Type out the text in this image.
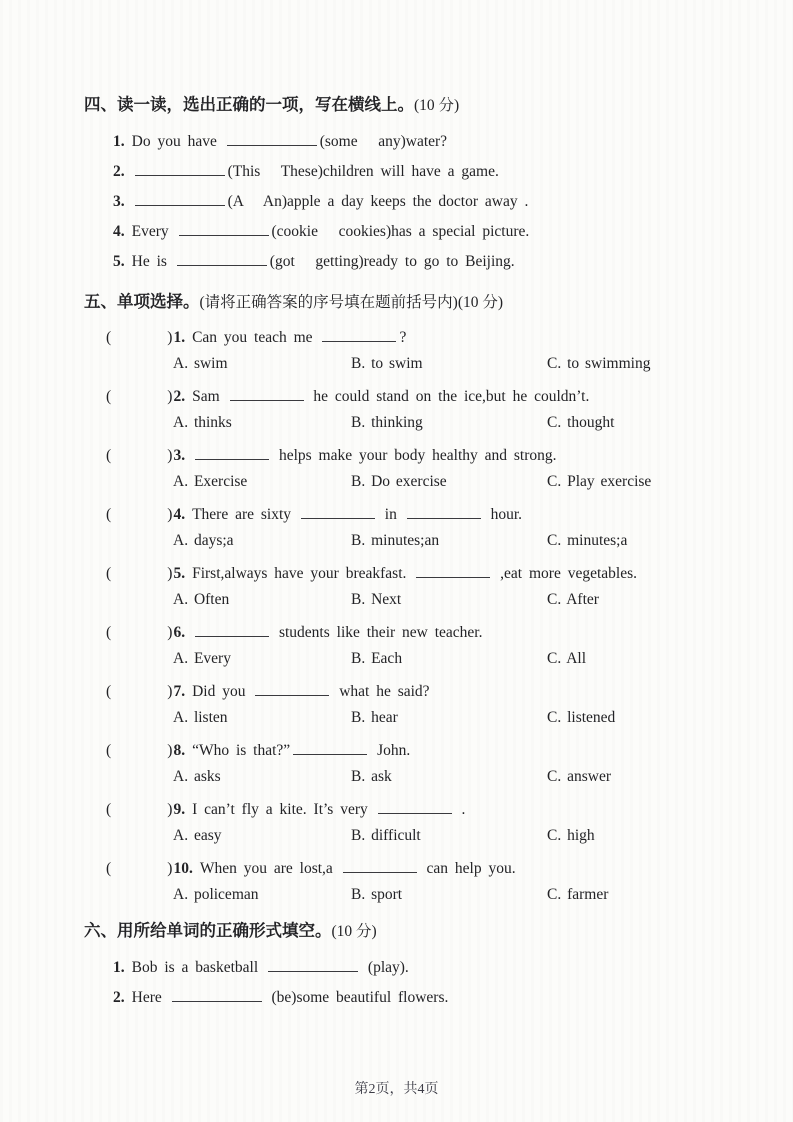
四、读一读，选出正确的一项，写在横线上。(10 分)
1. Do you have	(some   any)water?
2.	(This   These)children will have a game.
3.	(A   An)apple a day keeps the doctor away .
4. Every	(cookie   cookies)has a special picture.
5. He is	(got   getting)ready to go to Beijing.
五、单项选择。(请将正确答案的序号填在题前括号内)(10 分)
(       )1. Can you teach me	?
A. swim	B. to swim	C. to swimming
(       )2. Sam	he could stand on the ice,but he couldn’t.
A. thinks	B. thinking	C. thought
(       )3.	helps make your body healthy and strong.
A. Exercise	B. Do exercise	C. Play exercise
(       )4. There are sixty	in	hour.
A. days;a	B. minutes;an	C. minutes;a
(       )5. First,always have your breakfast.	,eat more vegetables.
A. Often	B. Next	C. After
(       )6.	students like their new teacher.
A. Every	B. Each	C. All
(       )7. Did you	what he said?
A. listen	B. hear	C. listened
(       )8. “Who is that?”	John.
A. asks	B. ask	C. answer
(       )9. I can’t fly a kite. It’s very	.
A. easy	B. difficult	C. high
(       )10. When you are lost,a	can help you.
A. policeman	B. sport	C. farmer
六、用所给单词的正确形式填空。(10 分)
1. Bob is a basketball	(play).
2. Here	(be)some beautiful flowers.
第2页，共4页
